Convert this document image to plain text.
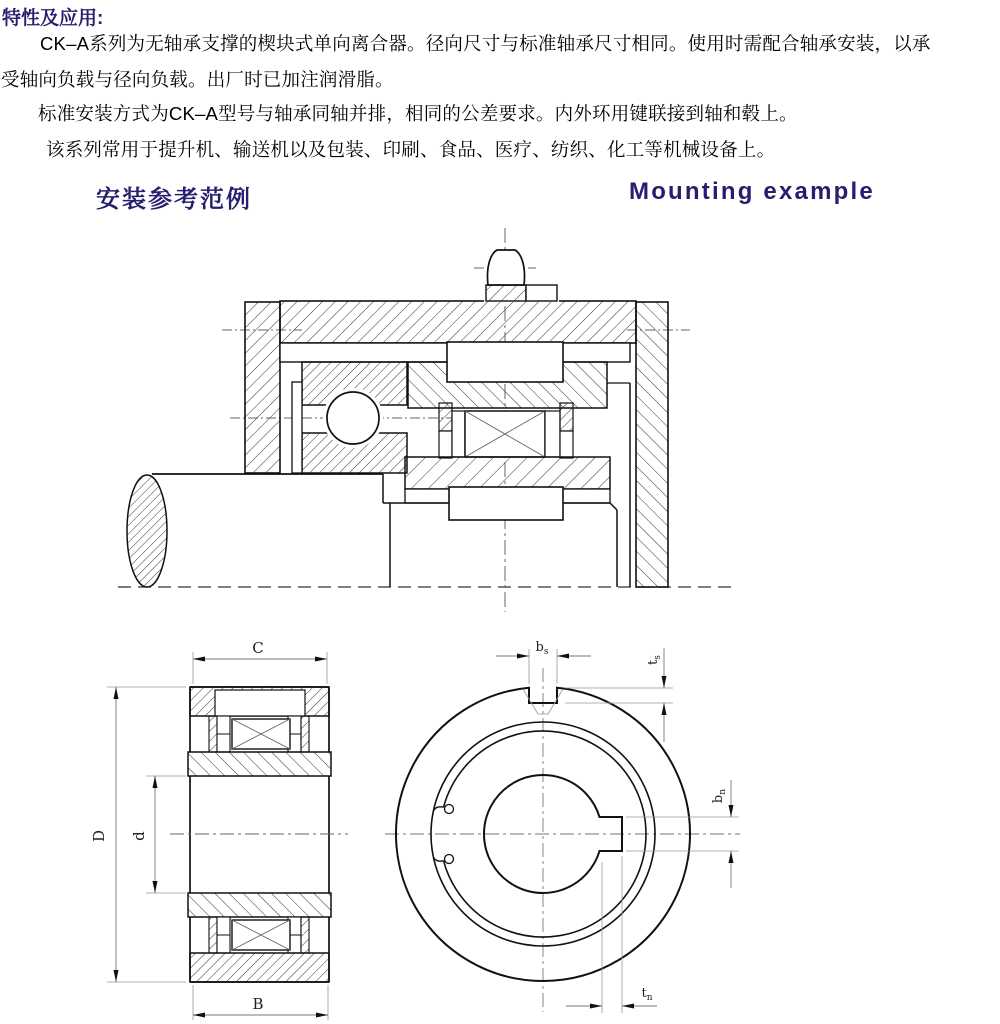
特性及应用:
CK–A系列为无轴承支撑的楔块式单向离合器。径向尺寸与标准轴承尺寸相同。使用时需配合轴承安装，以承
受轴向负载与径向负载。出厂时已加注润滑脂。
标准安装方式为CK–A型号与轴承同轴并排，相同的公差要求。内外环用键联接到轴和毂上。
该系列常用于提升机、输送机以及包装、印刷、食品、医疗、纺织、化工等机械设备上。
安装参考范例	Mounting example
C
B
D d
$b_s$
$t_s$
$b_n$
$t_n$
